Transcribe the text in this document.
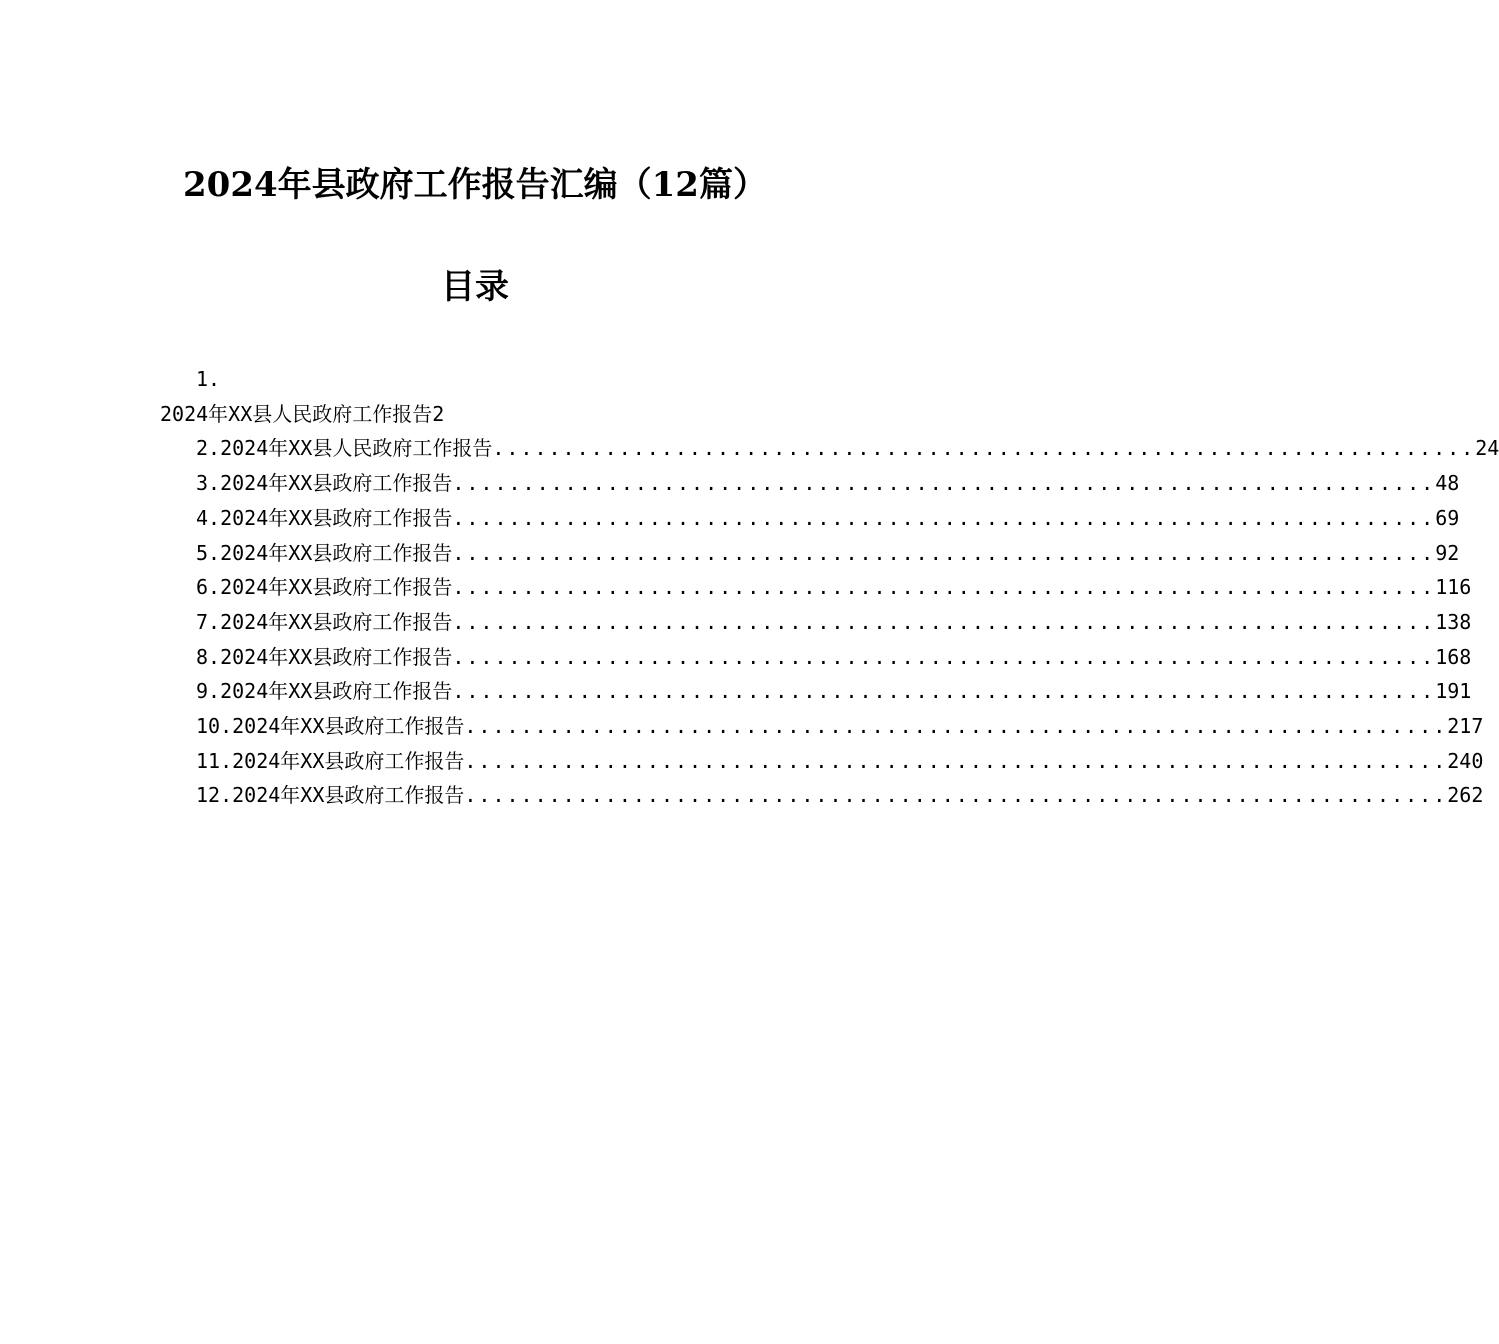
2024年县政府工作报告汇编（12篇）
目录
1.
2024年XX县人民政府工作报告2
2.2024年XX县人民政府工作报告 ...................................................................... 24
3.2024年XX县政府工作报告 ...................................................................... 48
4.2024年XX县政府工作报告 ...................................................................... 69
5.2024年XX县政府工作报告 ...................................................................... 92
6.2024年XX县政府工作报告 ...................................................................... 116
7.2024年XX县政府工作报告 ...................................................................... 138
8.2024年XX县政府工作报告 ...................................................................... 168
9.2024年XX县政府工作报告 ...................................................................... 191
10.2024年XX县政府工作报告 ...................................................................... 217
11.2024年XX县政府工作报告 ...................................................................... 240
12.2024年XX县政府工作报告 ...................................................................... 262
